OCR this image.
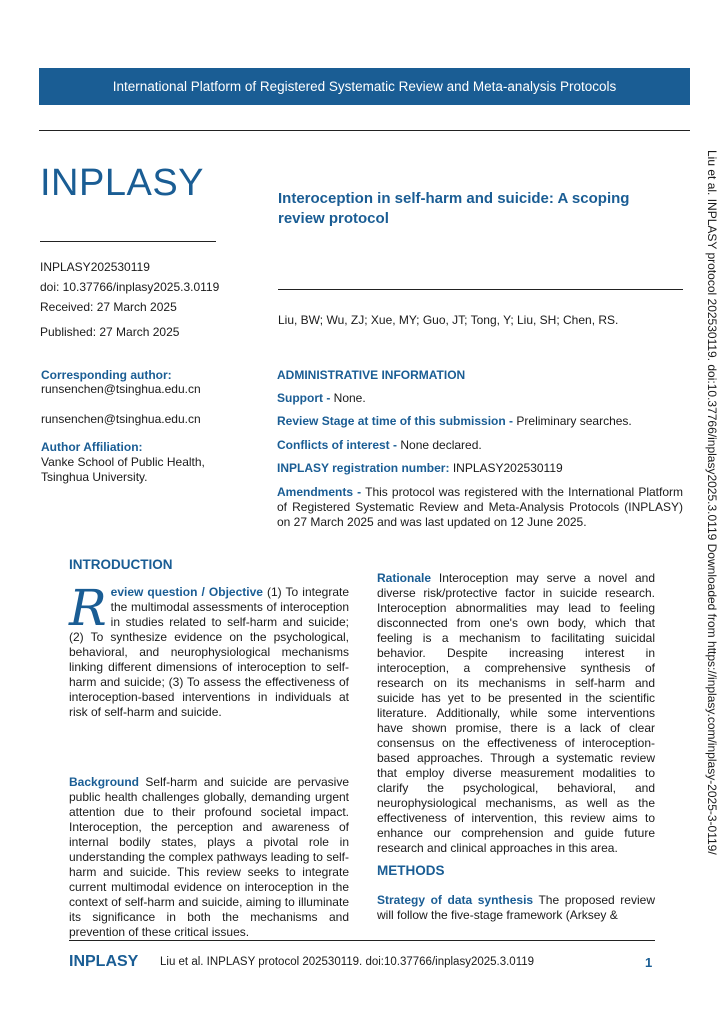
International Platform of Registered Systematic Review and Meta-analysis Protocols
INPLASY
INPLASY202530119
doi: 10.37766/inplasy2025.3.0119
Received: 27 March 2025
Published: 27 March 2025
Interoception in self-harm and suicide: A scoping review protocol
Liu, BW; Wu, ZJ; Xue, MY; Guo, JT; Tong, Y; Liu, SH; Chen, RS.
Corresponding author:
runsenchen@tsinghua.edu.cn
runsenchen@tsinghua.edu.cn
Author Affiliation:
Vanke School of Public Health,
Tsinghua University.
ADMINISTRATIVE INFORMATION
Support - None.
Review Stage at time of this submission - Preliminary searches.
Conflicts of interest - None declared.
INPLASY registration number: INPLASY202530119
Amendments - This protocol was registered with the International Platform of Registered Systematic Review and Meta-Analysis Protocols (INPLASY) on 27 March 2025 and was last updated on 12 June 2025.
INTRODUCTION
Review question / Objective (1) To integrate the multimodal assessments of interoception in studies related to self-harm and suicide; (2) To synthesize evidence on the psychological, behavioral, and neurophysiological mechanisms linking different dimensions of interoception to self-harm and suicide; (3) To assess the effectiveness of interoception-based interventions in individuals at risk of self-harm and suicide.
Background Self-harm and suicide are pervasive public health challenges globally, demanding urgent attention due to their profound societal impact. Interoception, the perception and awareness of internal bodily states, plays a pivotal role in understanding the complex pathways leading to self-harm and suicide. This review seeks to integrate current multimodal evidence on interoception in the context of self-harm and suicide, aiming to illuminate its significance in both the mechanisms and prevention of these critical issues.
Rationale Interoception may serve a novel and diverse risk/protective factor in suicide research. Interoception abnormalities may lead to feeling disconnected from one's own body, which that feeling is a mechanism to facilitating suicidal behavior. Despite increasing interest in interoception, a comprehensive synthesis of research on its mechanisms in self-harm and suicide has yet to be presented in the scientific literature. Additionally, while some interventions have shown promise, there is a lack of clear consensus on the effectiveness of interoception-based approaches. Through a systematic review that employ diverse measurement modalities to clarify the psychological, behavioral, and neurophysiological mechanisms, as well as the effectiveness of intervention, this review aims to enhance our comprehension and guide future research and clinical approaches in this area.
METHODS
Strategy of data synthesis The proposed review will follow the five-stage framework (Arksey &
INPLASY Liu et al. INPLASY protocol 202530119. doi:10.37766/inplasy2025.3.0119	1
Liu et al. INPLASY protocol 202530119. doi:10.37766/inplasy2025.3.0119 Downloaded from https://inplasy.com/inplasy-2025-3-0119/
